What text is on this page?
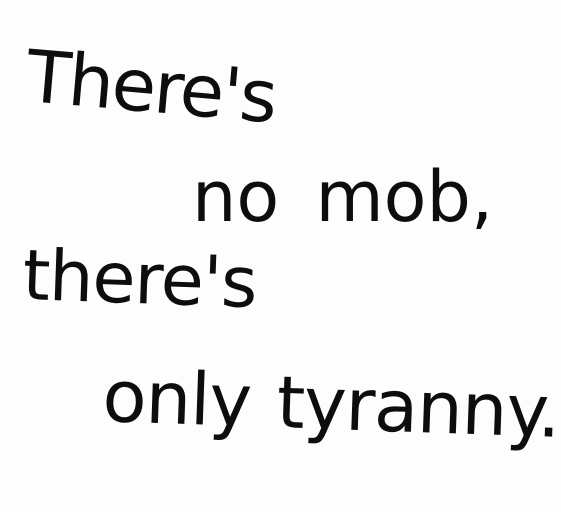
There's

no mob,

there's

only tyranny.
